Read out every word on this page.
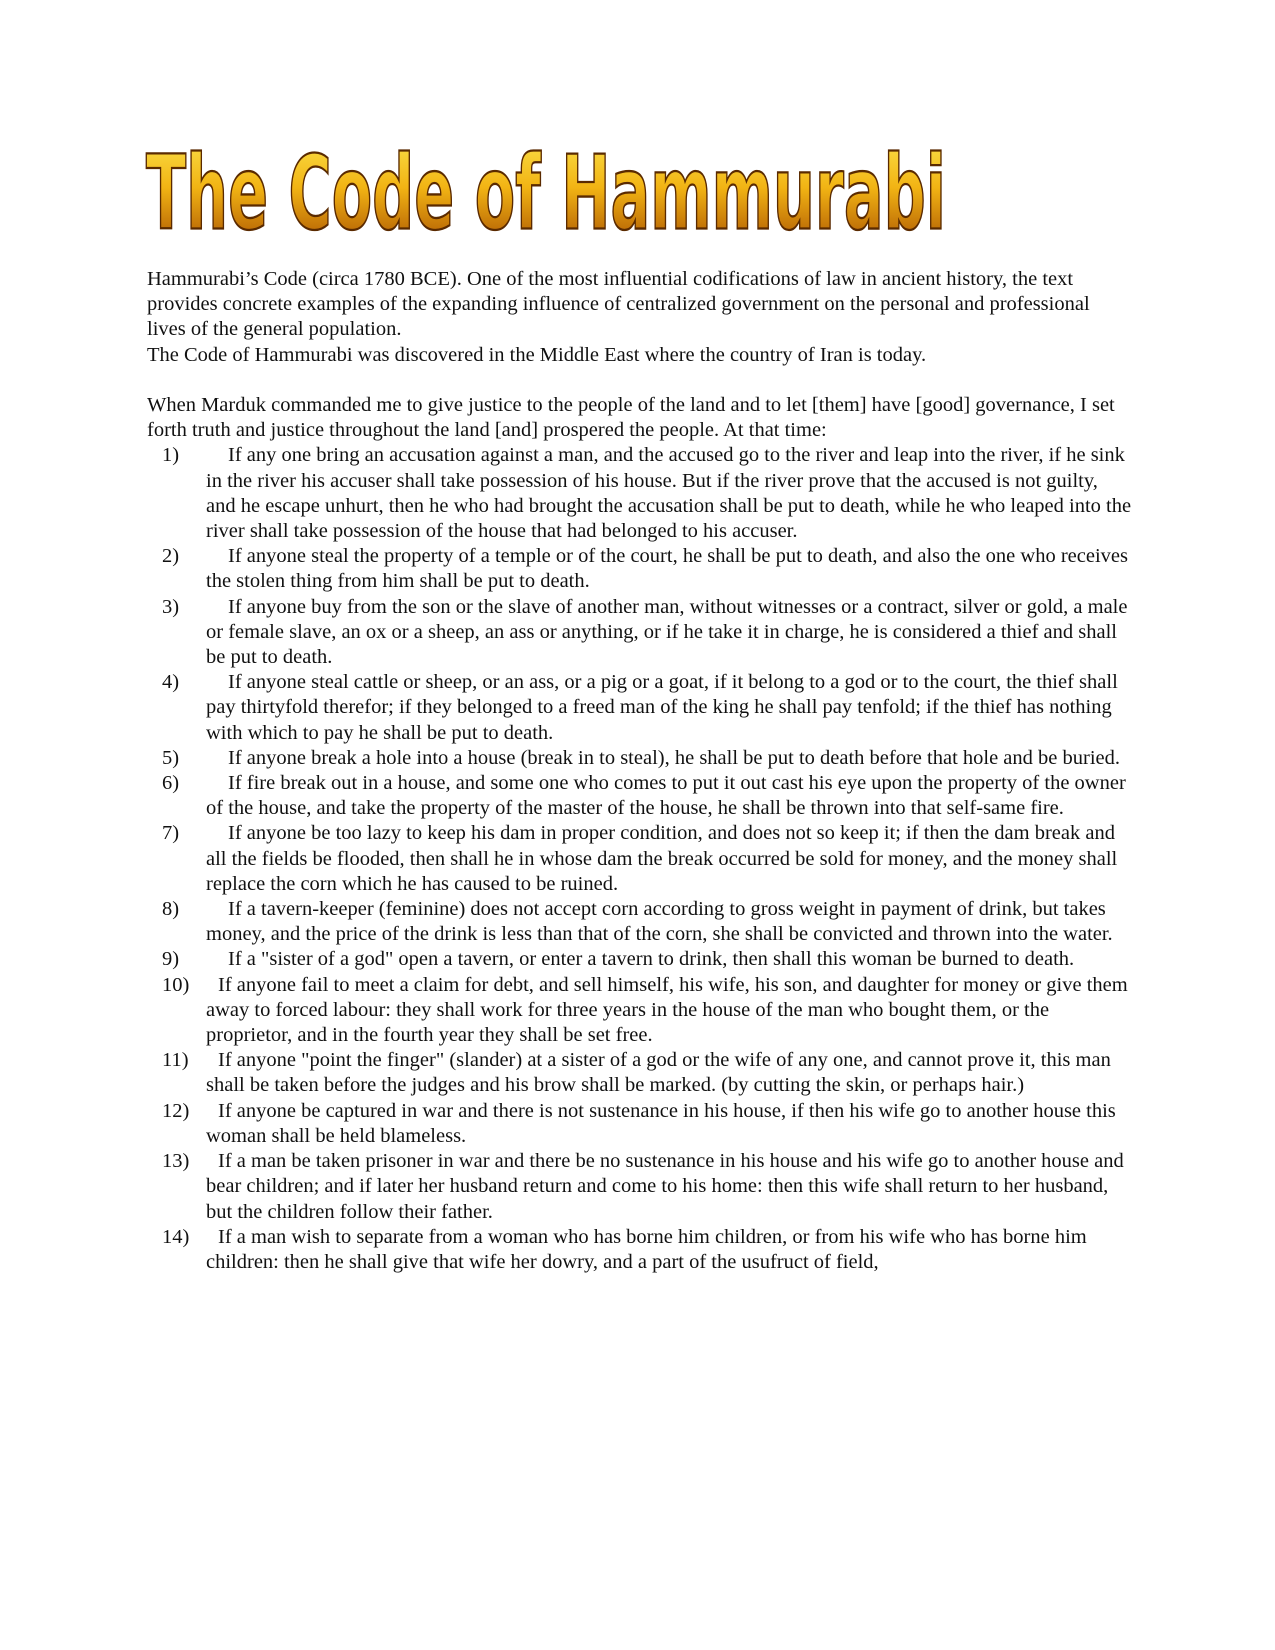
The Code of Hammurabi

Hammurabi’s Code (circa 1780 BCE). One of the most influential codifications of law in ancient history, the text provides concrete examples of the expanding influence of centralized government on the personal and professional lives of the general population.

The Code of Hammurabi was discovered in the Middle East where the country of Iran is today.

When Marduk commanded me to give justice to the people of the land and to let [them] have [good] governance, I set forth truth and justice throughout the land [and] prospered the people. At that time:

1)	If any one bring an accusation against a man, and the accused go to the river and leap into the river, if he sink in the river his accuser shall take possession of his house. But if the river prove that the accused is not guilty, and he escape unhurt, then he who had brought the accusation shall be put to death, while he who leaped into the river shall take possession of the house that had belonged to his accuser.
2)	If anyone steal the property of a temple or of the court, he shall be put to death, and also the one who receives the stolen thing from him shall be put to death.
3)	If anyone buy from the son or the slave of another man, without witnesses or a contract, silver or gold, a male or female slave, an ox or a sheep, an ass or anything, or if he take it in charge, he is considered a thief and shall be put to death.
4)	If anyone steal cattle or sheep, or an ass, or a pig or a goat, if it belong to a god or to the court, the thief shall pay thirtyfold therefor; if they belonged to a freed man of the king he shall pay tenfold; if the thief has nothing with which to pay he shall be put to death.
5)	If anyone break a hole into a house (break in to steal), he shall be put to death before that hole and be buried.
6)	If fire break out in a house, and some one who comes to put it out cast his eye upon the property of the owner of the house, and take the property of the master of the house, he shall be thrown into that self-same fire.
7)	If anyone be too lazy to keep his dam in proper condition, and does not so keep it; if then the dam break and all the fields be flooded, then shall he in whose dam the break occurred be sold for money, and the money shall replace the corn which he has caused to be ruined.
8)	If a tavern-keeper (feminine) does not accept corn according to gross weight in payment of drink, but takes money, and the price of the drink is less than that of the corn, she shall be convicted and thrown into the water.
9)	If a "sister of a god" open a tavern, or enter a tavern to drink, then shall this woman be burned to death.
10)	If anyone fail to meet a claim for debt, and sell himself, his wife, his son, and daughter for money or give them away to forced labour: they shall work for three years in the house of the man who bought them, or the proprietor, and in the fourth year they shall be set free.
11)	If anyone "point the finger" (slander) at a sister of a god or the wife of any one, and cannot prove it, this man shall be taken before the judges and his brow shall be marked. (by cutting the skin, or perhaps hair.)
12)	If anyone be captured in war and there is not sustenance in his house, if then his wife go to another house this woman shall be held blameless.
13)	If a man be taken prisoner in war and there be no sustenance in his house and his wife go to another house and bear children; and if later her husband return and come to his home: then this wife shall return to her husband, but the children follow their father.
14)	If a man wish to separate from a woman who has borne him children, or from his wife who has borne him children: then he shall give that wife her dowry, and a part of the usufruct of field,
